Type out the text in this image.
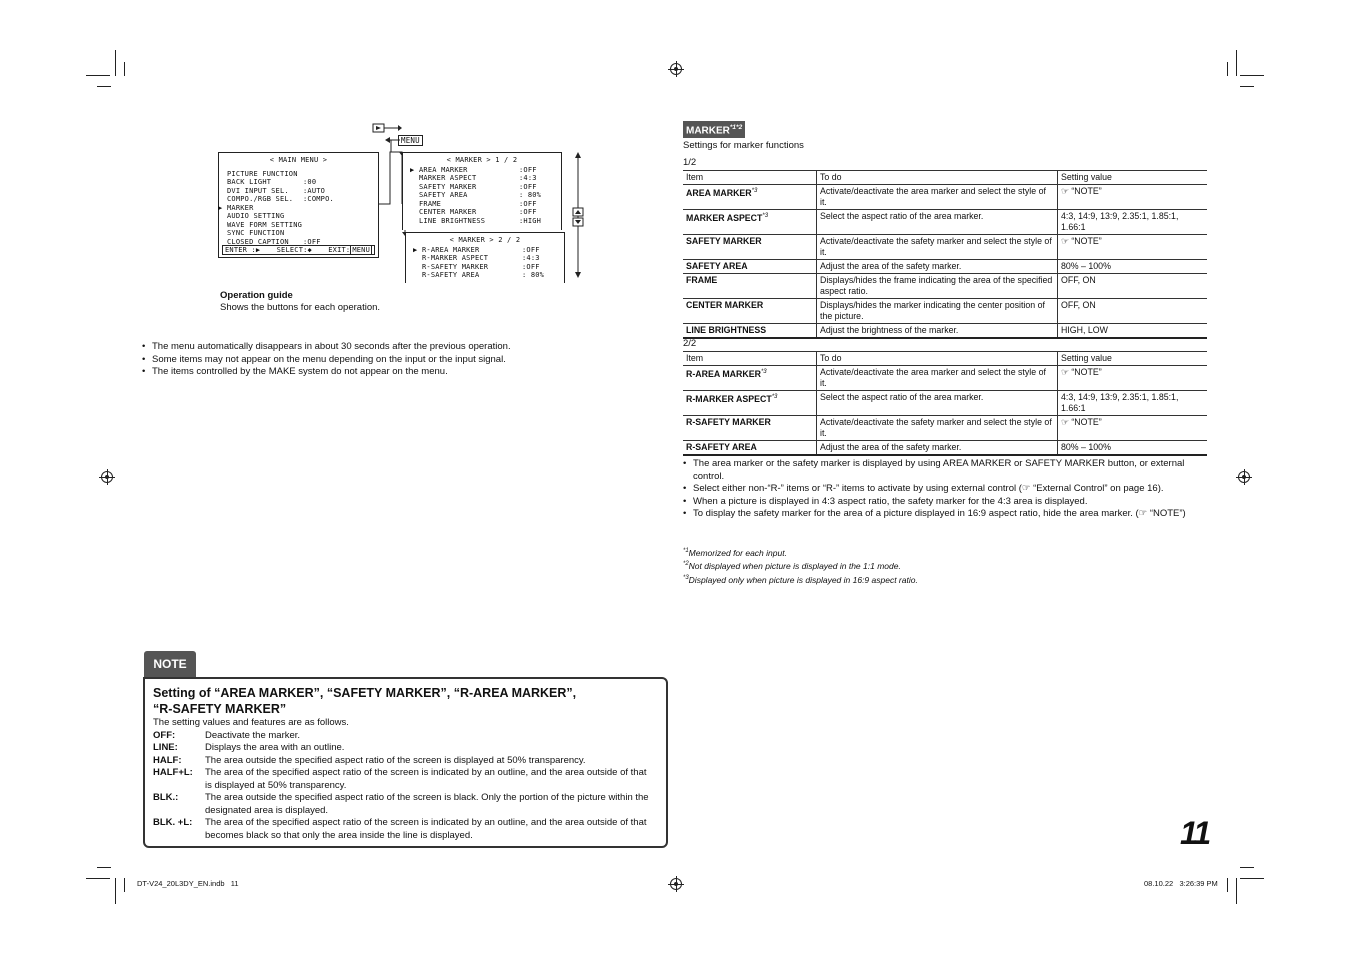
MENU
< MAIN MENU >
PICTURE FUNCTION
BACK LIGHT	:00
DVI INPUT SEL.	:AUTO
COMPO./RGB SEL.	:COMPO.
▶ MARKER
AUDIO SETTING
WAVE FORM SETTING
SYNC FUNCTION
CLOSED CAPTION	:OFF
ENTER :▶ SELECT:◆ EXIT: MENU
< MARKER > 1 / 2
▶ AREA MARKER	:OFF
MARKER ASPECT	:4:3
SAFETY MARKER	:OFF
SAFETY AREA	: 80%
FRAME	:OFF
CENTER MARKER	:OFF
LINE BRIGHTNESS	:HIGH
< MARKER > 2 / 2
▶ R-AREA MARKER	:OFF
R-MARKER ASPECT	:4:3
R-SAFETY MARKER	:OFF
R-SAFETY AREA	: 80%
Operation guide
Shows the buttons for each operation.
• The menu automatically disappears in about 30 seconds after the previous operation.
• Some items may not appear on the menu depending on the input or the input signal.
• The items controlled by the MAKE system do not appear on the menu.
NOTE
Setting of “AREA MARKER”, “SAFETY MARKER”, “R-AREA MARKER”,
“R-SAFETY MARKER”
The setting values and features are as follows.
OFF:	Deactivate the marker.
LINE:	Displays the area with an outline.
HALF:	The area outside the specified aspect ratio of the screen is displayed at 50% transparency.
HALF+L:	The area of the specified aspect ratio of the screen is indicated by an outline, and the area outside of that is displayed at 50% transparency.
BLK.:	The area outside the specified aspect ratio of the screen is black. Only the portion of the picture within the designated area is displayed.
BLK. +L:	The area of the specified aspect ratio of the screen is indicated by an outline, and the area outside of that becomes black so that only the area inside the line is displayed.
$MARKER^{*1*2}$
Settings for marker functions
1/2
Item	To do	Setting value
AREA MARKER$^{*3}$	Activate/deactivate the area marker and select the style of it.	☞ “NOTE”
MARKER ASPECT$^{*3}$	Select the aspect ratio of the area marker.	4:3, 14:9, 13:9, 2.35:1, 1.85:1, 1.66:1
SAFETY MARKER	Activate/deactivate the safety marker and select the style of it.	☞ “NOTE”
SAFETY AREA	Adjust the area of the safety marker.	80% – 100%
FRAME	Displays/hides the frame indicating the area of the specified aspect ratio.	OFF, ON
CENTER MARKER	Displays/hides the marker indicating the center position of the picture.	OFF, ON
LINE BRIGHTNESS	Adjust the brightness of the marker.	HIGH, LOW
2/2
Item	To do	Setting value
R-AREA MARKER$^{*3}$	Activate/deactivate the area marker and select the style of it.	☞ “NOTE”
R-MARKER ASPECT$^{*3}$	Select the aspect ratio of the area marker.	4:3, 14:9, 13:9, 2.35:1, 1.85:1, 1.66:1
R-SAFETY MARKER	Activate/deactivate the safety marker and select the style of it.	☞ “NOTE”
R-SAFETY AREA	Adjust the area of the safety marker.	80% – 100%
• The area marker or the safety marker is displayed by using AREA MARKER or SAFETY MARKER button, or external control.
• Select either non-“R-” items or “R-” items to activate by using external control (☞ “External Control” on page 16).
• When a picture is displayed in 4:3 aspect ratio, the safety marker for the 4:3 area is displayed.
• To display the safety marker for the area of a picture displayed in 16:9 aspect ratio, hide the area marker. (☞ “NOTE”)
$^{*1}$Memorized for each input.
$^{*2}$Not displayed when picture is displayed in the 1:1 mode.
$^{*3}$Displayed only when picture is displayed in 16:9 aspect ratio.
11
DT-V24_20L3DY_EN.indb   11	08.10.22   3:26:39 PM
